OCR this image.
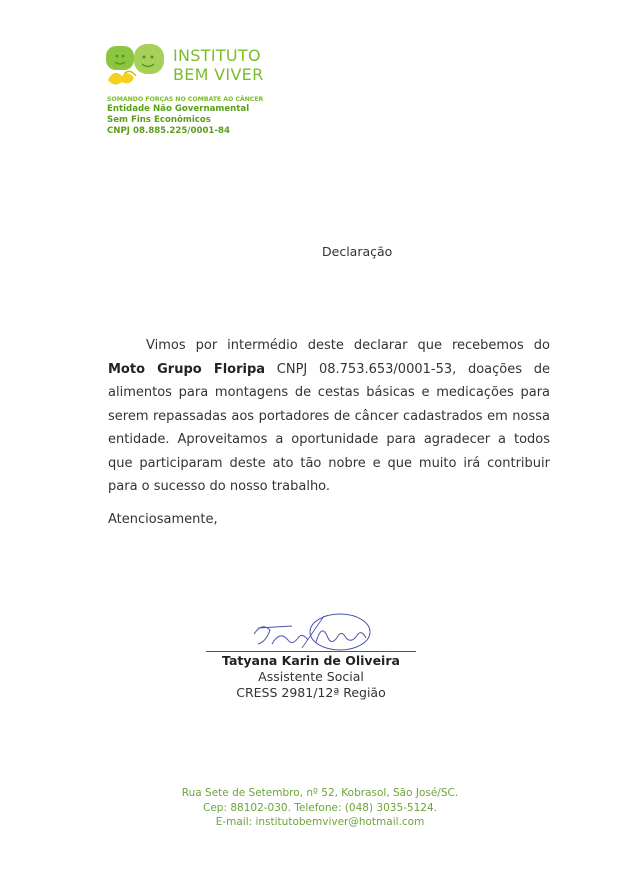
INSTITUTO
BEM VIVER
SOMANDO FORÇAS NO COMBATE AO CÂNCER
Entidade Não Governamental
Sem Fins Econômicos
CNPJ 08.885.225/0001-84
Declaração

Vimos por intermédio deste declarar que recebemos do Moto Grupo Floripa CNPJ 08.753.653/0001-53, doações de alimentos para montagens de cestas básicas e medicações para serem repassadas aos portadores de câncer cadastrados em nossa entidade. Aproveitamos a oportunidade para agradecer a todos que participaram deste ato tão nobre e que muito irá contribuir para o sucesso do nosso trabalho.

Atenciosamente,
Tatyana Karin de Oliveira
Assistente Social
CRESS 2981/12ª Região
Rua Sete de Setembro, nº 52, Kobrasol, São José/SC.
Cep: 88102-030. Telefone: (048) 3035-5124.
E-mail: institutobemviver@hotmail.com
